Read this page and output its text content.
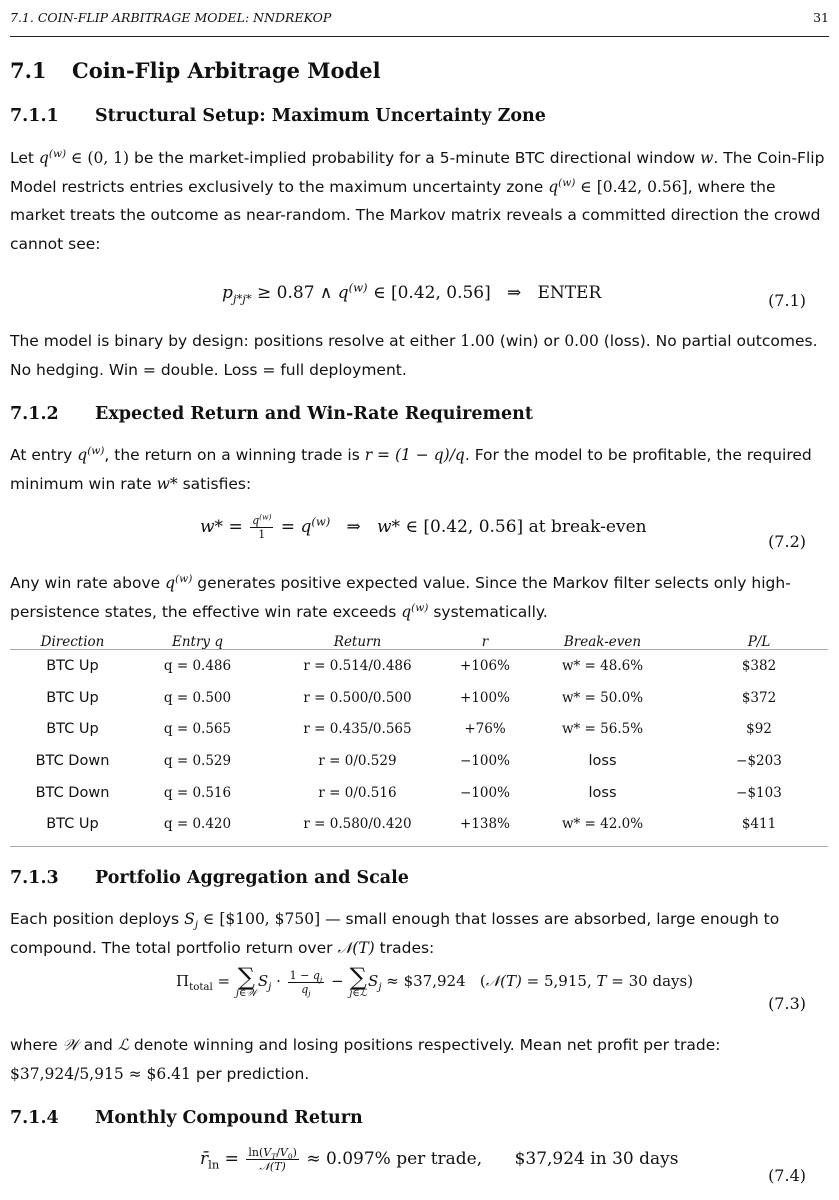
7.1. COIN-FLIP ARBITRAGE MODEL: NNDREKOP	31
7.1 Coin-Flip Arbitrage Model
7.1.1 Structural Setup: Maximum Uncertainty Zone

Let $q^{(w)}$ ∈ (0, 1) be the market-implied probability for a 5-minute BTC directional window w. The Coin-Flip Model restricts entries exclusively to the maximum uncertainty zone $q^{(w)}$ ∈ [0.42, 0.56], where the market treats the outcome as near-random. The Markov matrix reveals a committed direction the crowd cannot see:

$p_{j*j*} \ge 0.87$ ∧ $q^{(w)}$ ∈ [0.42, 0.56]   ⇒   ENTER	(7.1)

The model is binary by design: positions resolve at either 1.00 (win) or 0.00 (loss). No partial outcomes. No hedging. Win = double. Loss = full deployment.

7.1.2 Expected Return and Win-Rate Requirement

At entry $q^{(w)}$, the return on a winning trade is r = (1 − q)/q. For the model to be profitable, the required minimum win rate w* satisfies:

$w* = \frac{q^{(w)}}{1} = q^{(w)}$   ⇒   w* ∈ [0.42, 0.56] at break-even
(7.2)

Any win rate above $q^{(w)}$ generates positive expected value. Since the Markov filter selects only high-persistence states, the effective win rate exceeds $q^{(w)}$ systematically.

Direction	Entry q	Return	r	Break-even	P/L
BTC Up	q = 0.486	r = 0.514/0.486	+106%	w* = 48.6%	$382
BTC Up	q = 0.500	r = 0.500/0.500	+100%	w* = 50.0%	$372
BTC Up	q = 0.565	r = 0.435/0.565	+76%	w* = 56.5%	$92
BTC Down	q = 0.529	r = 0/0.529	−100%	loss	−$203
BTC Down	q = 0.516	r = 0/0.516	−100%	loss	−$103
BTC Up	q = 0.420	r = 0.580/0.420	+138%	w* = 42.0%	$411
7.1.3 Portfolio Aggregation and Scale

Each position deploys $S_j$ ∈ [$100, $750] — small enough that losses are absorbed, large enough to compound. The total portfolio return over 𝒩(T) trades:

$\Pi_{total}$ = ∑
j∈𝒲
$S_j \cdot \frac{1 - q_j}{q_j}$ − ∑
j∈ℒ
$S_j$ ≈ $37,924   (𝒩(T) = 5,915, T = 30 days)
(7.3)

where 𝒲 and ℒ denote winning and losing positions respectively. Mean net profit per trade: $37,924/5,915 ≈ $6.41 per prediction.

7.1.4 Monthly Compound Return
$r̄_{ln} = \frac{\ln(V_T/V_0)}{\text{𝒩(T)}} \approx 0.097\%$ per trade, $37,924 in 30 days
(7.4)
